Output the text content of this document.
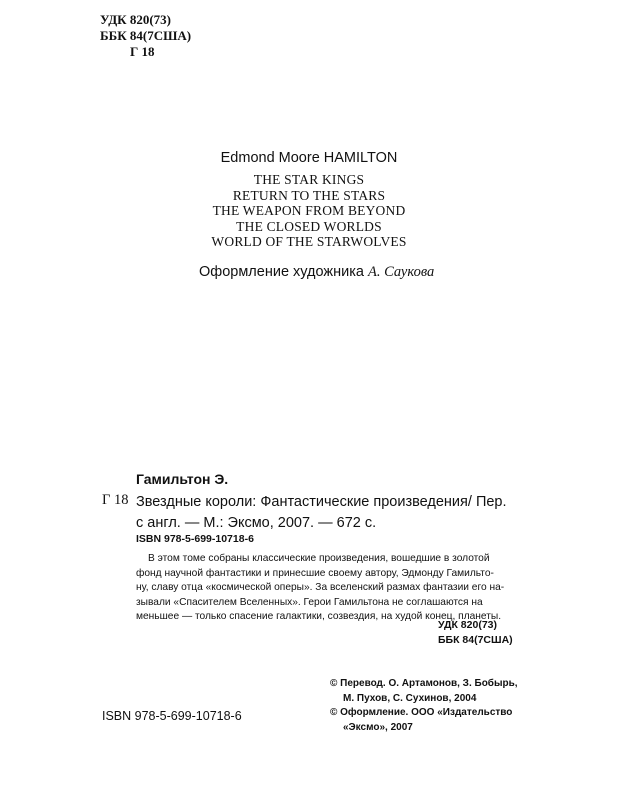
УДК 820(73)
ББК 84(7США)
Г 18
Edmond Moore HAMILTON
THE STAR KINGS
RETURN TO THE STARS
THE WEAPON FROM BEYOND
THE CLOSED WORLDS
WORLD OF THE STARWOLVES
Оформление художника А. Саукова
Гамильтон Э.
Г 18 Звездные короли: Фантастические произведения/ Пер.
с англ. — М.: Эксмо, 2007. — 672 с.
ISBN 978-5-699-10718-6
В этом томе собраны классические произведения, вошедшие в золотой
фонд научной фантастики и принесшие своему автору, Эдмонду Гамильто-
ну, славу отца «космической оперы». За вселенский размах фантазии его на-
зывали «Спасителем Вселенных». Герои Гамильтона не соглашаются на
меньшее — только спасение галактики, созвездия, на худой конец, планеты.
УДК 820(73)
ББК 84(7США)
© Перевод. О. Артамонов, З. Бобырь,
М. Пухов, С. Сухинов, 2004
© Оформление. ООО «Издательство
«Эксмо», 2007
ISBN 978-5-699-10718-6
